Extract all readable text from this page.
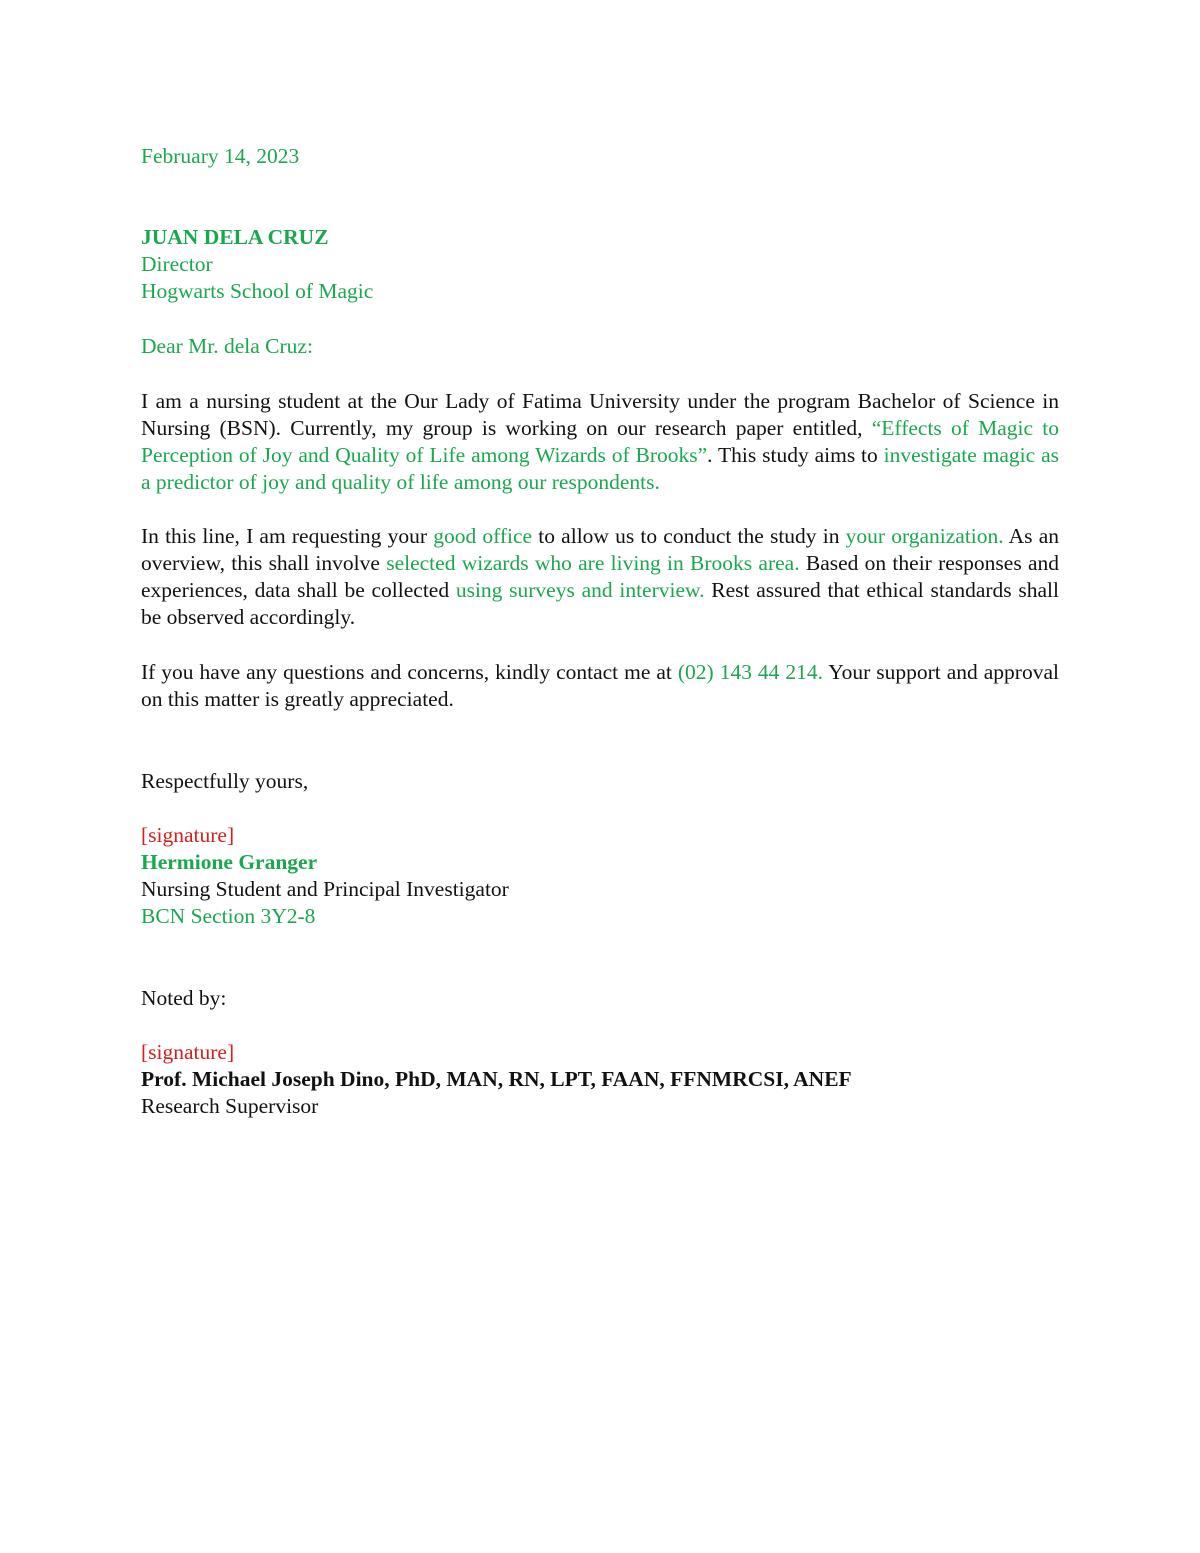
February 14, 2023
JUAN DELA CRUZ
Director
Hogwarts School of Magic
Dear Mr. dela Cruz:
I am a nursing student at the Our Lady of Fatima University under the program Bachelor of Science in Nursing (BSN). Currently, my group is working on our research paper entitled, “Effects of Magic to Perception of Joy and Quality of Life among Wizards of Brooks”. This study aims to investigate magic as a predictor of joy and quality of life among our respondents.
In this line, I am requesting your good office to allow us to conduct the study in your organization. As an overview, this shall involve selected wizards who are living in Brooks area. Based on their responses and experiences, data shall be collected using surveys and interview. Rest assured that ethical standards shall be observed accordingly.
If you have any questions and concerns, kindly contact me at (02) 143 44 214. Your support and approval on this matter is greatly appreciated.
Respectfully yours,
[signature]
Hermione Granger
Nursing Student and Principal Investigator
BCN Section 3Y2-8
Noted by:
[signature]
Prof. Michael Joseph Dino, PhD, MAN, RN, LPT, FAAN, FFNMRCSI, ANEF
Research Supervisor
